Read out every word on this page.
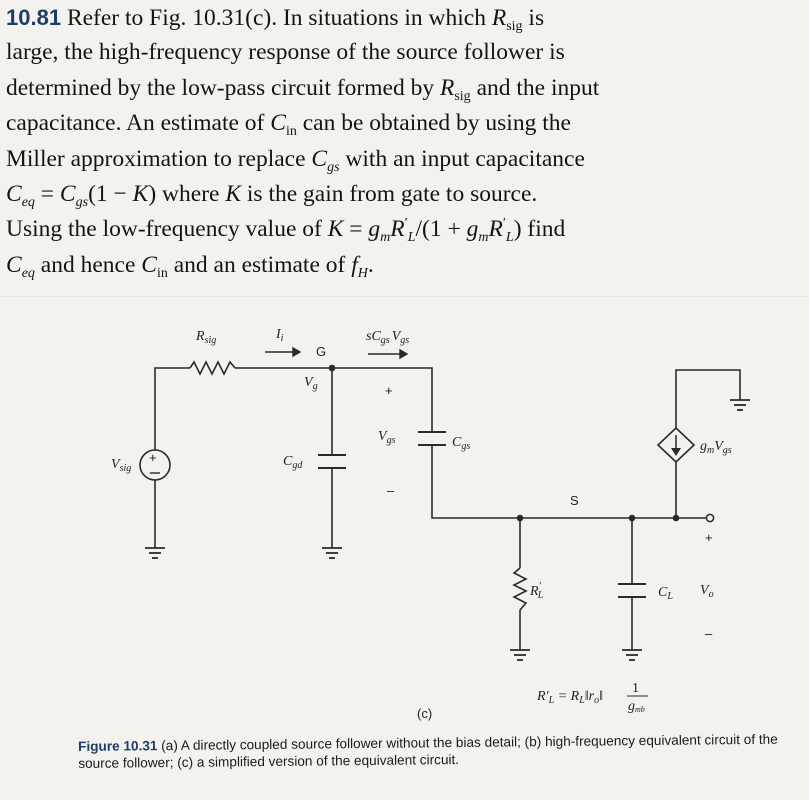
10.81 Refer to Fig. 10.31(c). In situations in which $R_{sig}$ is
large, the high-frequency response of the source follower is
determined by the low-pass circuit formed by $R_{sig}$ and the input
capacitance. An estimate of $C_{in}$ can be obtained by using the
Miller approximation to replace $C_{gs}$ with an input capacitance
$C_{eq} = C_{gs}(1 - K)$ where K is the gain from gate to source.
Using the low-frequency value of $K = g_mR'_L/(1 + g_mR'_L)$ find
$C_{eq}$ and hence $C_{in}$ and an estimate of $f_H$.
+
$R_{sig}$	$I_i$
G
$sC_{gs}$ $V_{gs}$
$V_g$
$V_{sig}$	$C_{gd}$
+
$V_{gs}$
–
$C_{gs}$
S
$g_mV_{gs}$
R′ L	$C_L$
+
$V_o$
–
$R'_L$ = $R_L‖r_o‖$
1
gmb
(c)
Figure 10.31 (a) A directly coupled source follower without the bias detail; (b) high-frequency equivalent circuit of the source follower; (c) a simplified version of the equivalent circuit.
